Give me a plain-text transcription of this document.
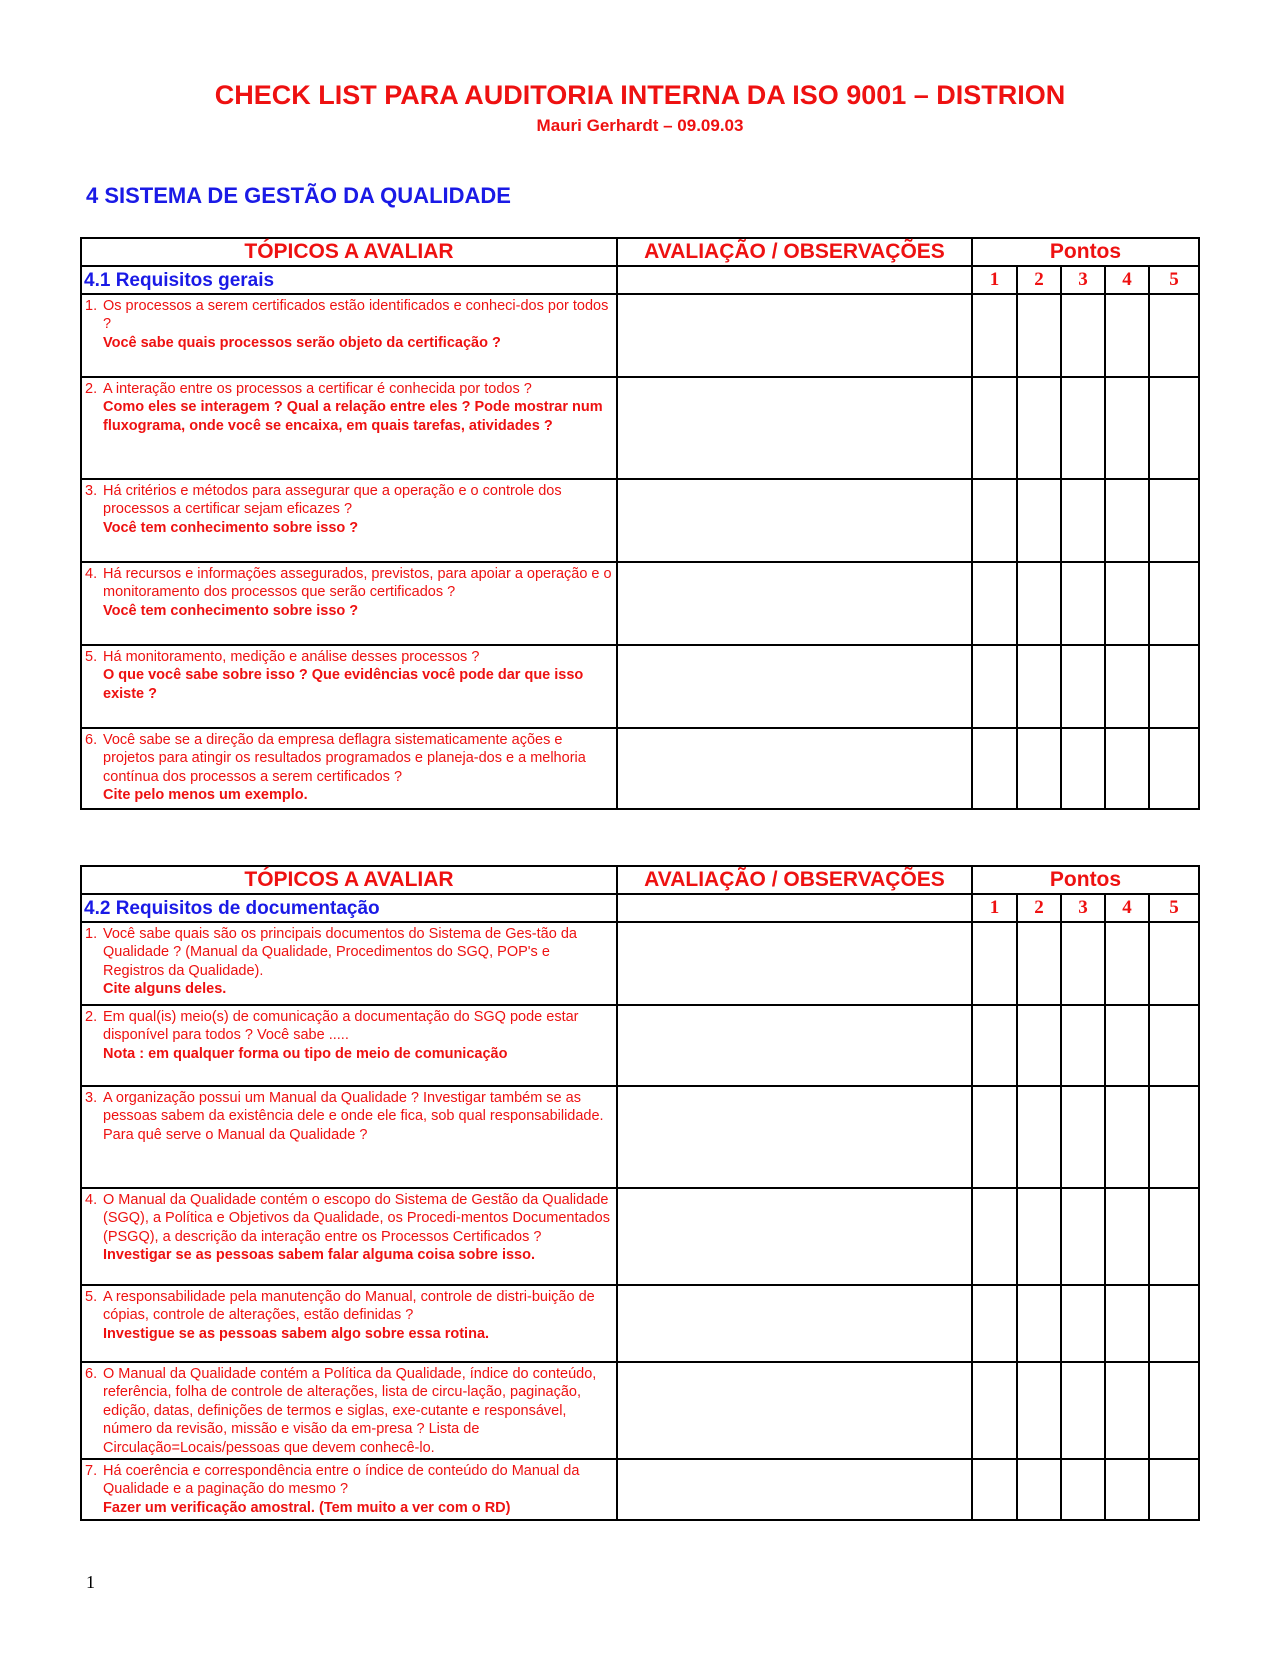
CHECK LIST PARA AUDITORIA INTERNA DA ISO 9001 – DISTRION
Mauri Gerhardt – 09.09.03
4 SISTEMA DE GESTÃO DA QUALIDADE
TÓPICOS A AVALIAR	AVALIAÇÃO / OBSERVAÇÕES	Pontos				
4.1 Requisitos gerais		1	2	3	4	5

1. Os processos a serem certificados estão identificados e conheci-dos por todos ?
Você sabe quais processos serão objeto da certificação ?						

2. A interação entre os processos a certificar é conhecida por todos ?
Como eles se interagem ? Qual a relação entre eles ? Pode mostrar num fluxograma, onde você se encaixa, em quais tarefas, atividades ?						

3. Há critérios e métodos para assegurar que a operação e o controle dos processos a certificar sejam eficazes ?
Você tem conhecimento sobre isso ?						

4. Há recursos e informações assegurados, previstos, para apoiar a operação e o monitoramento dos processos que serão certificados ?
Você tem conhecimento sobre isso ?						

5. Há monitoramento, medição e análise desses processos ?
O que você sabe sobre isso ? Que evidências você pode dar que isso existe ?						

6. Você sabe se a direção da empresa deflagra sistematicamente ações e projetos para atingir os resultados programados e planeja-dos e a melhoria contínua dos processos a serem certificados ?
Cite pelo menos um exemplo.						

TÓPICOS A AVALIAR	AVALIAÇÃO / OBSERVAÇÕES	Pontos				
4.2 Requisitos de documentação		1	2	3	4	5

1. Você sabe quais são os principais documentos do Sistema de Ges-tão da Qualidade ? (Manual da Qualidade, Procedimentos do SGQ, POP's e Registros da Qualidade).
Cite alguns deles.						

2. Em qual(is) meio(s) de comunicação a documentação do SGQ pode estar disponível para todos ? Você sabe .....
Nota : em qualquer forma ou tipo de meio de comunicação						

3. A organização possui um Manual da Qualidade ? Investigar também se as pessoas sabem da existência dele e onde ele fica, sob qual responsabilidade. Para quê serve o Manual da Qualidade ?						

4. O Manual da Qualidade contém o escopo do Sistema de Gestão da Qualidade (SGQ), a Política e Objetivos da Qualidade, os Procedi-mentos Documentados (PSGQ), a descrição da interação entre os Processos Certificados ?
Investigar se as pessoas sabem falar alguma coisa sobre isso.						

5. A responsabilidade pela manutenção do Manual, controle de distri-buição de cópias, controle de alterações, estão definidas ?
Investigue se as pessoas sabem algo sobre essa rotina.						

6. O Manual da Qualidade contém a Política da Qualidade, índice do conteúdo, referência, folha de controle de alterações, lista de circu-lação, paginação, edição, datas, definições de termos e siglas, exe-cutante e responsável, número da revisão, missão e visão da em-presa ? Lista de Circulação=Locais/pessoas que devem conhecê-lo.						

7. Há coerência e correspondência entre o índice de conteúdo do Manual da Qualidade e a paginação do mesmo ?
Fazer um verificação amostral. (Tem muito a ver com o RD)						

1
